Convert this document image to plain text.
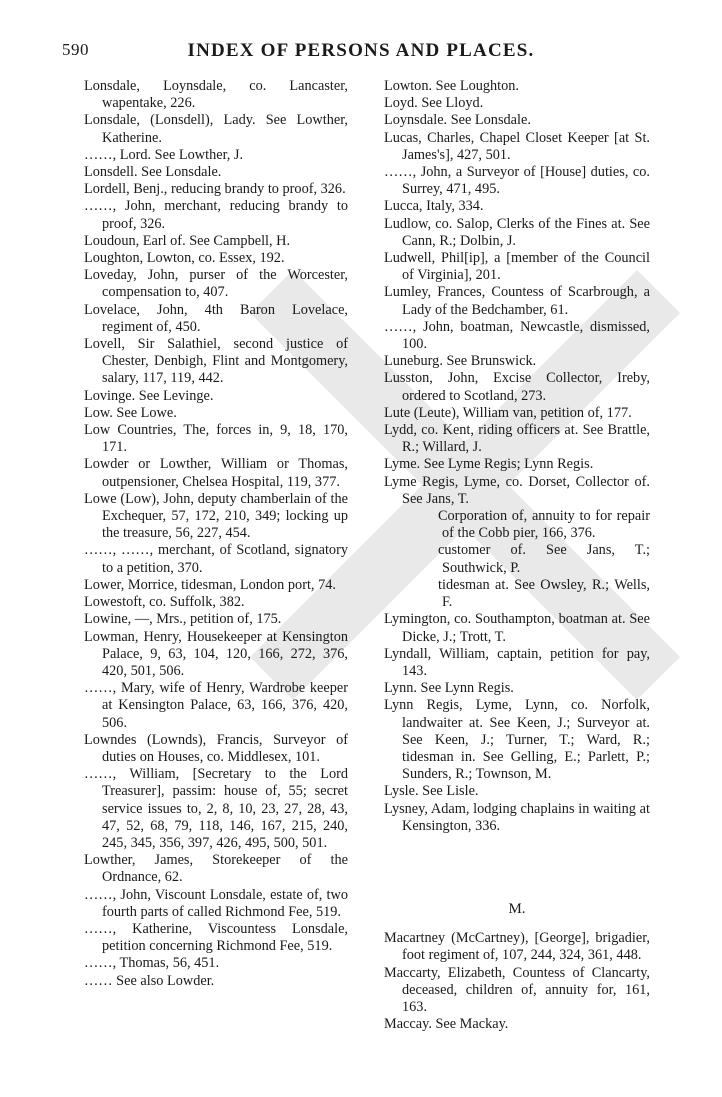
590	INDEX OF PERSONS AND PLACES.
Lonsdale, Loynsdale, co. Lancaster, wapentake, 226.
Lonsdale, (Lonsdell), Lady. See Lowther, Katherine.
……, Lord. See Lowther, J.
Lonsdell. See Lonsdale.
Lordell, Benj., reducing brandy to proof, 326.
……, John, merchant, reducing brandy to proof, 326.
Loudoun, Earl of. See Campbell, H.
Loughton, Lowton, co. Essex, 192.
Loveday, John, purser of the Worcester, compensation to, 407.
Lovelace, John, 4th Baron Lovelace, regiment of, 450.
Lovell, Sir Salathiel, second justice of Chester, Denbigh, Flint and Montgomery, salary, 117, 119, 442.
Lovinge. See Levinge.
Low. See Lowe.
Low Countries, The, forces in, 9, 18, 170, 171.
Lowder or Lowther, William or Thomas, outpensioner, Chelsea Hospital, 119, 377.
Lowe (Low), John, deputy chamberlain of the Exchequer, 57, 172, 210, 349; locking up the treasure, 56, 227, 454.
……, ……, merchant, of Scotland, signatory to a petition, 370.
Lower, Morrice, tidesman, London port, 74.
Lowestoft, co. Suffolk, 382.
Lowine, —, Mrs., petition of, 175.
Lowman, Henry, Housekeeper at Kensington Palace, 9, 63, 104, 120, 166, 272, 376, 420, 501, 506.
……, Mary, wife of Henry, Wardrobe keeper at Kensington Palace, 63, 166, 376, 420, 506.
Lowndes (Lownds), Francis, Surveyor of duties on Houses, co. Middlesex, 101.
……, William, [Secretary to the Lord Treasurer], passim: house of, 55; secret service issues to, 2, 8, 10, 23, 27, 28, 43, 47, 52, 68, 79, 118, 146, 167, 215, 240, 245, 345, 356, 397, 426, 495, 500, 501.
Lowther, James, Storekeeper of the Ordnance, 62.
……, John, Viscount Lonsdale, estate of, two fourth parts of called Richmond Fee, 519.
……, Katherine, Viscountess Lonsdale, petition concerning Richmond Fee, 519.
……, Thomas, 56, 451.
…… See also Lowder.
Lowton. See Loughton.
Loyd. See Lloyd.
Loynsdale. See Lonsdale.
Lucas, Charles, Chapel Closet Keeper [at St. James's], 427, 501.
……, John, a Surveyor of [House] duties, co. Surrey, 471, 495.
Lucca, Italy, 334.
Ludlow, co. Salop, Clerks of the Fines at. See Cann, R.; Dolbin, J.
Ludwell, Phil[ip], a [member of the Council of Virginia], 201.
Lumley, Frances, Countess of Scarbrough, a Lady of the Bedchamber, 61.
……, John, boatman, Newcastle, dismissed, 100.
Luneburg. See Brunswick.
Lusston, John, Excise Collector, Ireby, ordered to Scotland, 273.
Lute (Leute), William van, petition of, 177.
Lydd, co. Kent, riding officers at. See Brattle, R.; Willard, J.
Lyme. See Lyme Regis; Lynn Regis.
Lyme Regis, Lyme, co. Dorset, Collector of. See Jans, T.
Corporation of, annuity to for repair of the Cobb pier, 166, 376.
customer of. See Jans, T.; Southwick, P.
tidesman at. See Owsley, R.; Wells, F.
Lymington, co. Southampton, boatman at. See Dicke, J.; Trott, T.
Lyndall, William, captain, petition for pay, 143.
Lynn. See Lynn Regis.
Lynn Regis, Lyme, Lynn, co. Norfolk, landwaiter at. See Keen, J.; Surveyor at. See Keen, J.; Turner, T.; Ward, R.; tidesman in. See Gelling, E.; Parlett, P.; Sunders, R.; Townson, M.
Lysle. See Lisle.
Lysney, Adam, lodging chaplains in waiting at Kensington, 336.
M.
Macartney (McCartney), [George], brigadier, foot regiment of, 107, 244, 324, 361, 448.
Maccarty, Elizabeth, Countess of Clancarty, deceased, children of, annuity for, 161, 163.
Maccay. See Mackay.
